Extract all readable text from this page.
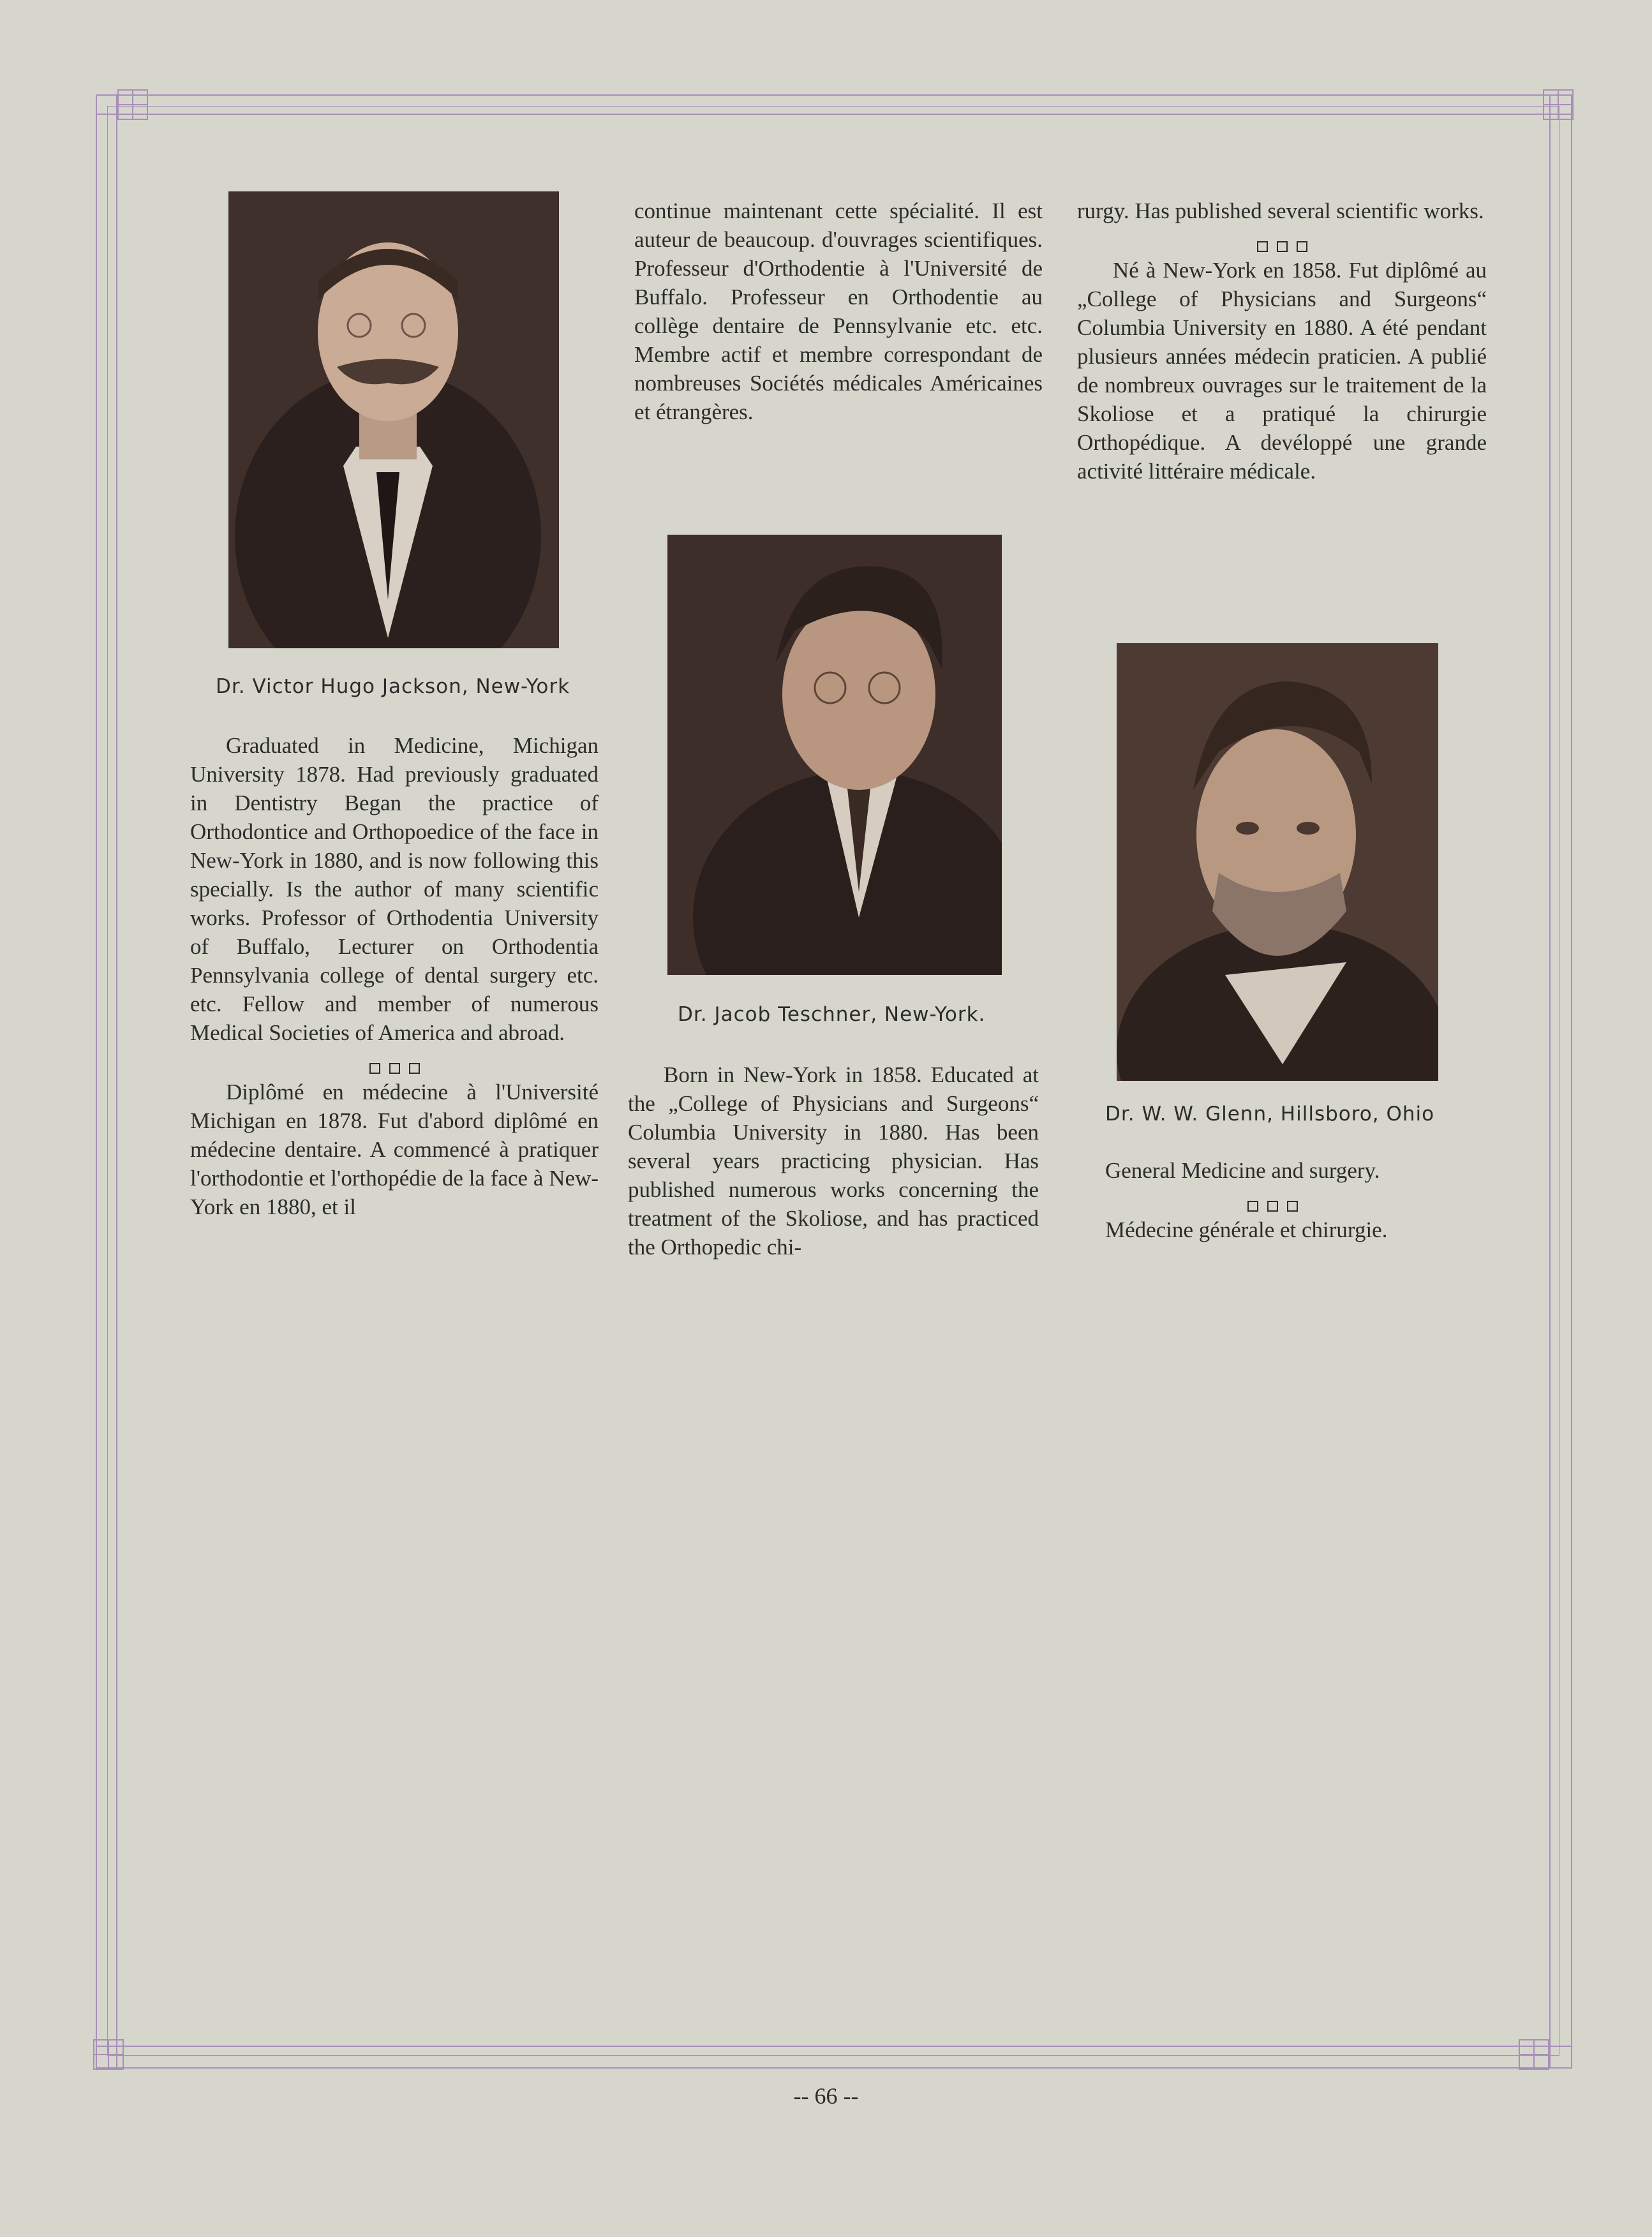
Dr. Victor Hugo Jackson, New-York

Graduated in Medicine, Michigan University 1878. Had previously graduated in Dentistry Began the practice of Orthodontice and Orthopoedice of the face in New-York in 1880, and is now following this specially. Is the author of many scientific works. Professor of Orthodentia University of Buffalo, Lecturer on Orthodentia Pennsylvania college of dental surgery etc. etc. Fellow and member of numerous Medical Societies of America and abroad.

Diplômé en médecine à l'Université Michigan en 1878. Fut d'abord diplômé en médecine dentaire. A commencé à pratiquer l'orthodontie et l'orthopédie de la face à New-York en 1880, et il

continue maintenant cette spécialité. Il est auteur de beaucoup. d'ouvrages scientifiques. Professeur d'Orthodentie à l'Université de Buffalo. Professeur en Orthodentie au collège dentaire de Pennsylvanie etc. etc. Membre actif et membre correspondant de nombreuses Sociétés médicales Américaines et étrangères.

Dr. Jacob Teschner, New-York.

Born in New-York in 1858. Educated at the „College of Physicians and Surgeons“ Columbia University in 1880. Has been several years practicing physician. Has published numerous works concerning the treatment of the Skoliose, and has practiced the Orthopedic chi-

rurgy. Has published several scientific works.

Né à New-York en 1858. Fut diplômé au „College of Physicians and Surgeons“ Columbia University en 1880. A été pendant plusieurs années médecin praticien. A publié de nombreux ouvrages sur le traitement de la Skoliose et a pratiqué la chirurgie Orthopédique. A devéloppé une grande activité littéraire médicale.

Dr. W. W. Glenn, Hillsboro, Ohio

General Medicine and surgery.

Médecine générale et chirurgie.

-- 66 --
